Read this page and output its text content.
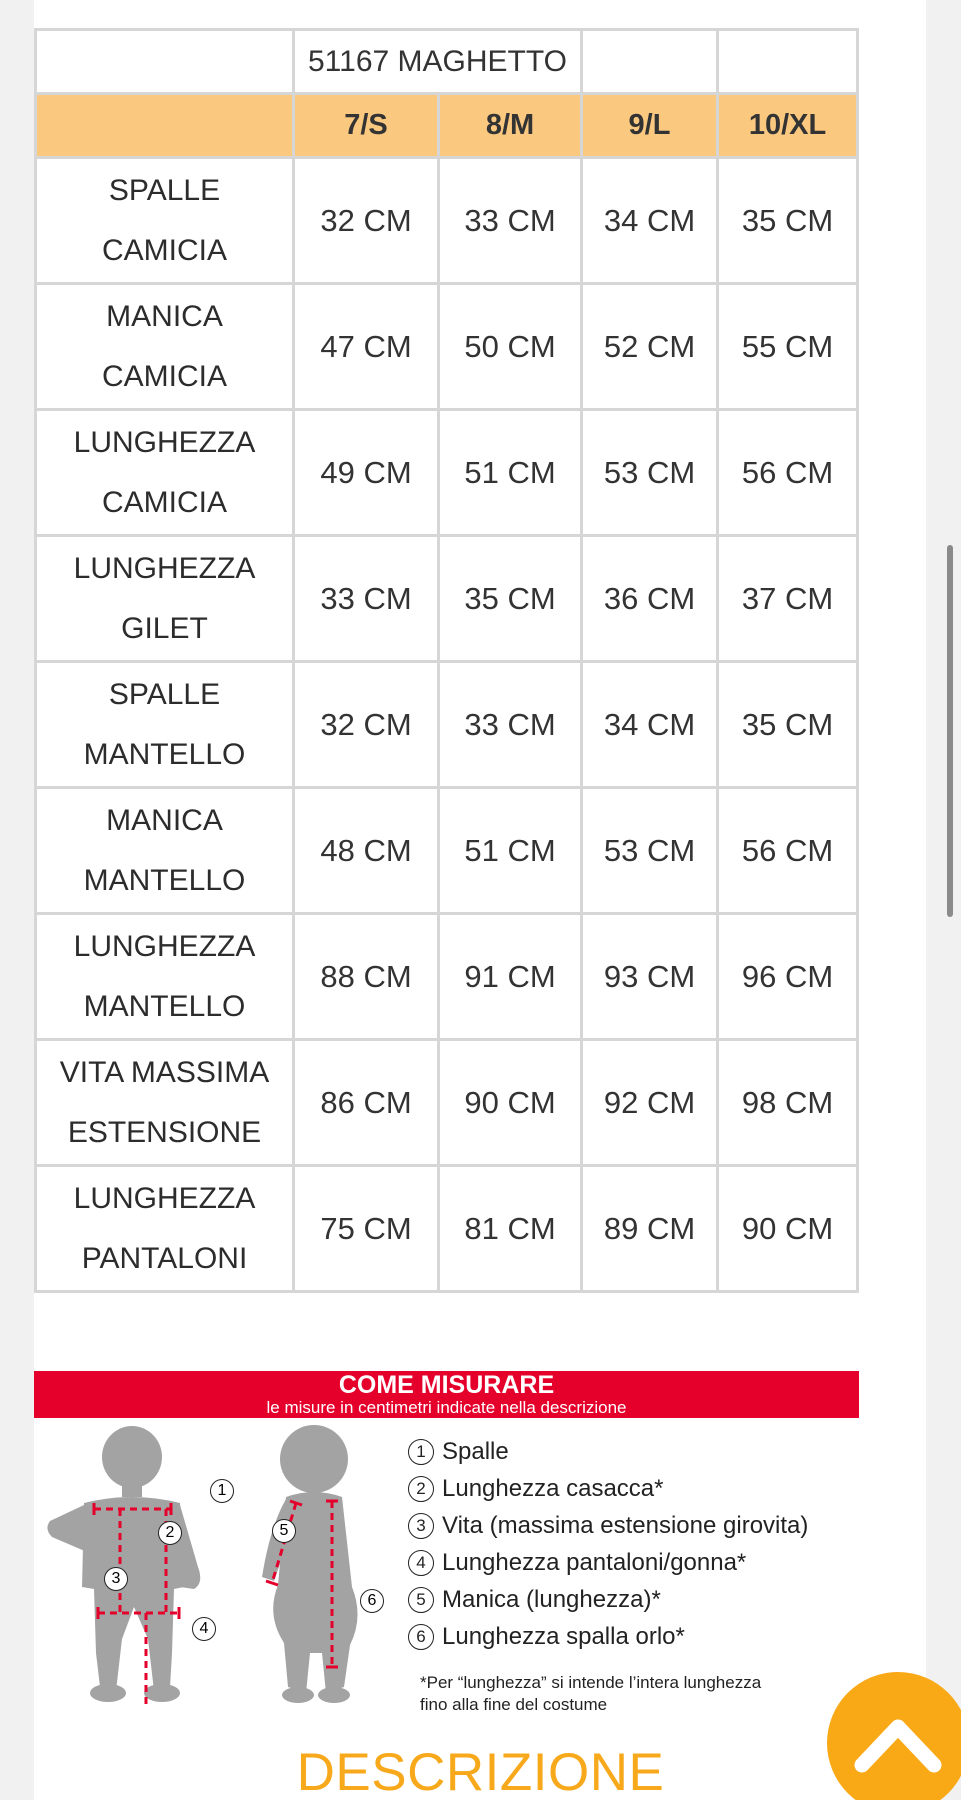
	51167 MAGHETTO			
	7/S	8/M	9/L	10/XL

SPALLE
CAMICIA	32 CM	33 CM	34 CM	35 CM

MANICA
CAMICIA	47 CM	50 CM	52 CM	55 CM

LUNGHEZZA
CAMICIA	49 CM	51 CM	53 CM	56 CM

LUNGHEZZA
GILET	33 CM	35 CM	36 CM	37 CM

SPALLE
MANTELLO	32 CM	33 CM	34 CM	35 CM

MANICA
MANTELLO	48 CM	51 CM	53 CM	56 CM

LUNGHEZZA
MANTELLO	88 CM	91 CM	93 CM	96 CM

VITA MASSIMA
ESTENSIONE	86 CM	90 CM	92 CM	98 CM

LUNGHEZZA
PANTALONI	75 CM	81 CM	89 CM	90 CM
COME MISURARE
le misure in centimetri indicate nella descrizione
1
2
3
4
5
6
1 Spalle
2 Lunghezza casacca*
3 Vita (massima estensione girovita)
4 Lunghezza pantaloni/gonna*
5 Manica (lunghezza)*
6 Lunghezza spalla orlo*
*Per “lunghezza” si intende l’intera lunghezza
fino alla fine del costume
DESCRIZIONE
